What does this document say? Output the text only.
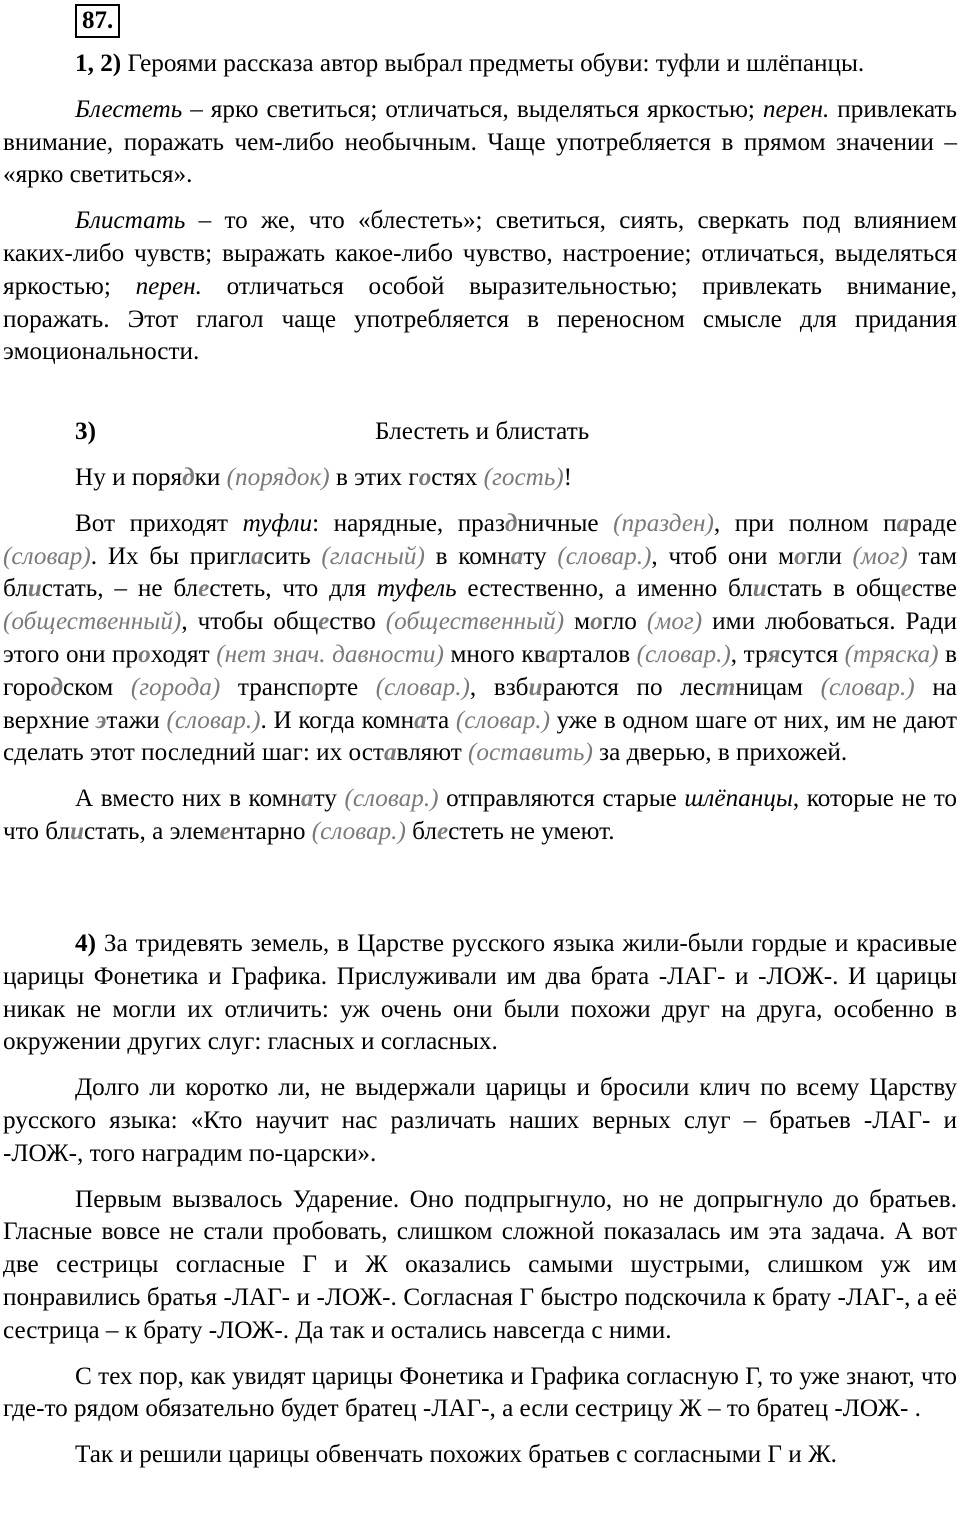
87.

1, 2) Героями рассказа автор выбрал предметы обуви: туфли и шлёпанцы.

Блестеть – ярко светиться; отличаться, выделяться яркостью; перен. привлекать внимание, поражать чем-либо необычным. Чаще употребляется в прямом значении – «ярко светиться».

Блистать – то же, что «блестеть»; светиться, сиять, сверкать под влиянием каких-либо чувств; выражать какое-либо чувство, настроение; отличаться, выделяться яркостью; перен. отличаться особой выразительностью; привлекать внимание, поражать. Этот глагол чаще употребляется в переносном смысле для придания эмоциональности.

3)	Блестеть и блистать

Ну и порядки (порядок) в этих гостях (гость)!

Вот приходят туфли: нарядные, праздничные (празден), при полном параде (словар). Их бы пригласить (гласный) в комнату (словар.), чтоб они могли (мог) там блистать, – не блестеть, что для туфель естественно, а именно блистать в обществе (общественный), чтобы общество (общественный) могло (мог) ими любоваться. Ради этого они проходят (нет знач. давности) много кварталов (словар.), трясутся (тряска) в городском (города) транспорте (словар.), взбираются по лестницам (словар.) на верхние этажи (словар.). И когда комната (словар.) уже в одном шаге от них, им не дают сделать этот последний шаг: их оставляют (оставить) за дверью, в прихожей.

А вместо них в комнату (словар.) отправляются старые шлёпанцы, которые не то что блистать, а элементарно (словар.) блестеть не умеют.

4) За тридевять земель, в Царстве русского языка жили-были гордые и красивые царицы Фонетика и Графика. Прислуживали им два брата -ЛАГ- и -ЛОЖ-. И царицы никак не могли их отличить: уж очень они были похожи друг на друга, особенно в окружении других слуг: гласных и согласных.

Долго ли коротко ли, не выдержали царицы и бросили клич по всему Царству русского языка: «Кто научит нас различать наших верных слуг – братьев -ЛАГ- и -ЛОЖ-, того наградим по-царски».

Первым вызвалось Ударение. Оно подпрыгнуло, но не допрыгнуло до братьев. Гласные вовсе не стали пробовать, слишком сложной показалась им эта задача. А вот две сестрицы согласные Г и Ж оказались самыми шустрыми, слишком уж им понравились братья -ЛАГ- и -ЛОЖ-. Согласная Г быстро подскочила к брату -ЛАГ-, а её сестрица – к брату -ЛОЖ-. Да так и остались навсегда с ними.

С тех пор, как увидят царицы Фонетика и Графика согласную Г, то уже знают, что где-то рядом обязательно будет братец -ЛАГ-, а если сестрицу Ж – то братец -ЛОЖ- .

Так и решили царицы обвенчать похожих братьев с согласными Г и Ж.
